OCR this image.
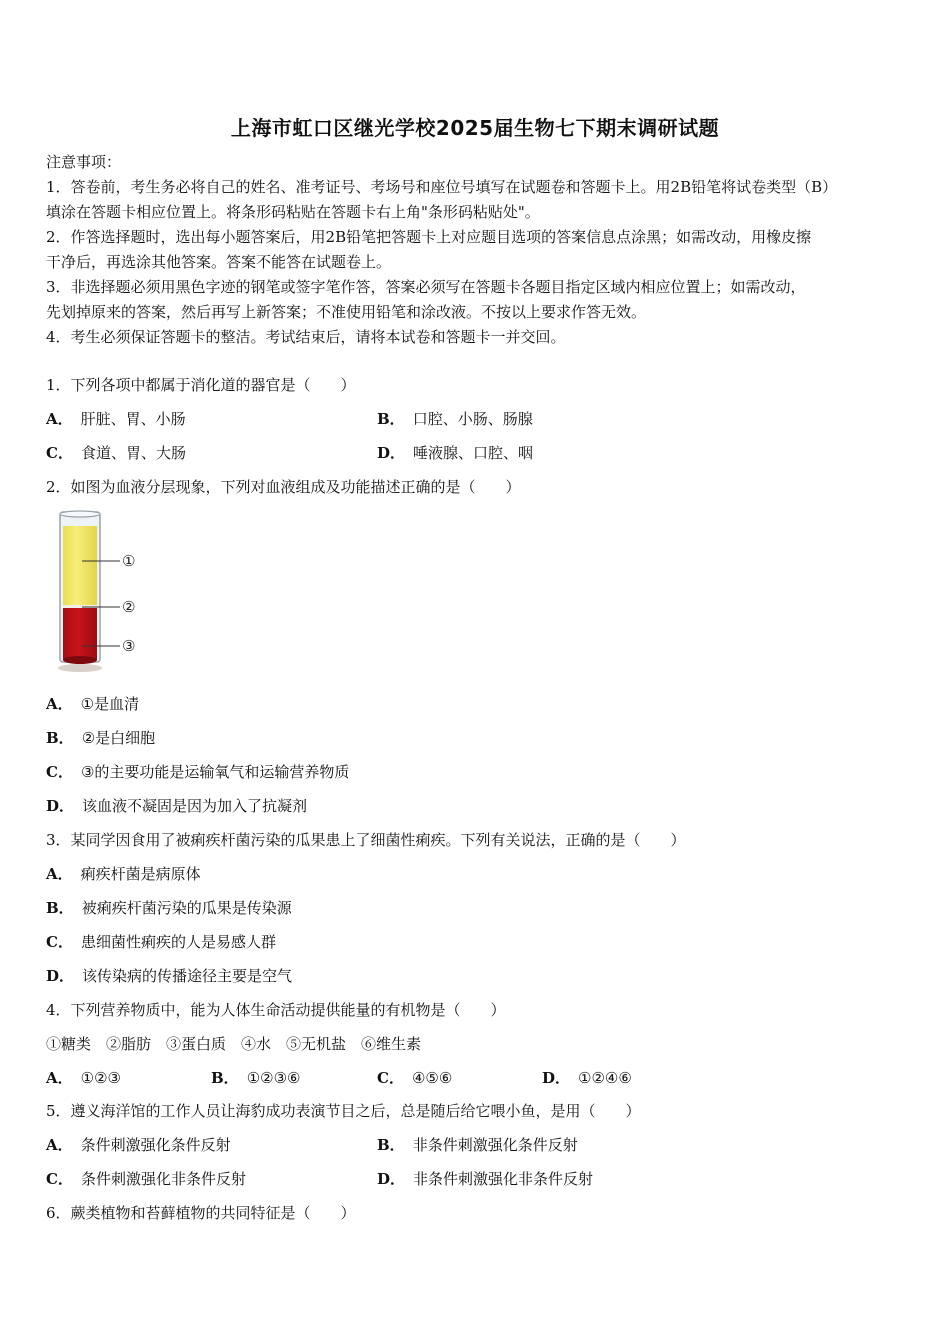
上海市虹口区继光学校2025届生物七下期末调研试题
注意事项：
1．答卷前，考生务必将自己的姓名、准考证号、考场号和座位号填写在试题卷和答题卡上。用2B铅笔将试卷类型（B）
填涂在答题卡相应位置上。将条形码粘贴在答题卡右上角"条形码粘贴处"。
2．作答选择题时，选出每小题答案后，用2B铅笔把答题卡上对应题目选项的答案信息点涂黑；如需改动，用橡皮擦
干净后，再选涂其他答案。答案不能答在试题卷上。
3．非选择题必须用黑色字迹的钢笔或签字笔作答，答案必须写在答题卡各题目指定区域内相应位置上；如需改动，
先划掉原来的答案，然后再写上新答案；不准使用铅笔和涂改液。不按以上要求作答无效。
4．考生必须保证答题卡的整洁。考试结束后，请将本试卷和答题卡一并交回。
1．下列各项中都属于消化道的器官是（　　）
A． 肝脏、胃、小肠	B． 口腔、小肠、肠腺
C． 食道、胃、大肠	D． 唾液腺、口腔、咽
2．如图为血液分层现象，下列对血液组成及功能描述正确的是（　　）
①
②
③
A． ①是血清
B． ②是白细胞
C． ③的主要功能是运输氧气和运输营养物质
D． 该血液不凝固是因为加入了抗凝剂
3．某同学因食用了被痢疾杆菌污染的瓜果患上了细菌性痢疾。下列有关说法，正确的是（　　）
A． 痢疾杆菌是病原体
B． 被痢疾杆菌污染的瓜果是传染源
C． 患细菌性痢疾的人是易感人群
D． 该传染病的传播途径主要是空气
4．下列营养物质中，能为人体生命活动提供能量的有机物是（　　）
①糖类　②脂肪　③蛋白质　④水　⑤无机盐　⑥维生素
A． ①②③	B． ①②③⑥	C． ④⑤⑥	D． ①②④⑥
5．遵义海洋馆的工作人员让海豹成功表演节目之后，总是随后给它喂小鱼，是用（　　）
A． 条件刺激强化条件反射	B． 非条件刺激强化条件反射
C． 条件刺激强化非条件反射	D． 非条件刺激强化非条件反射
6．蕨类植物和苔藓植物的共同特征是（　　）
